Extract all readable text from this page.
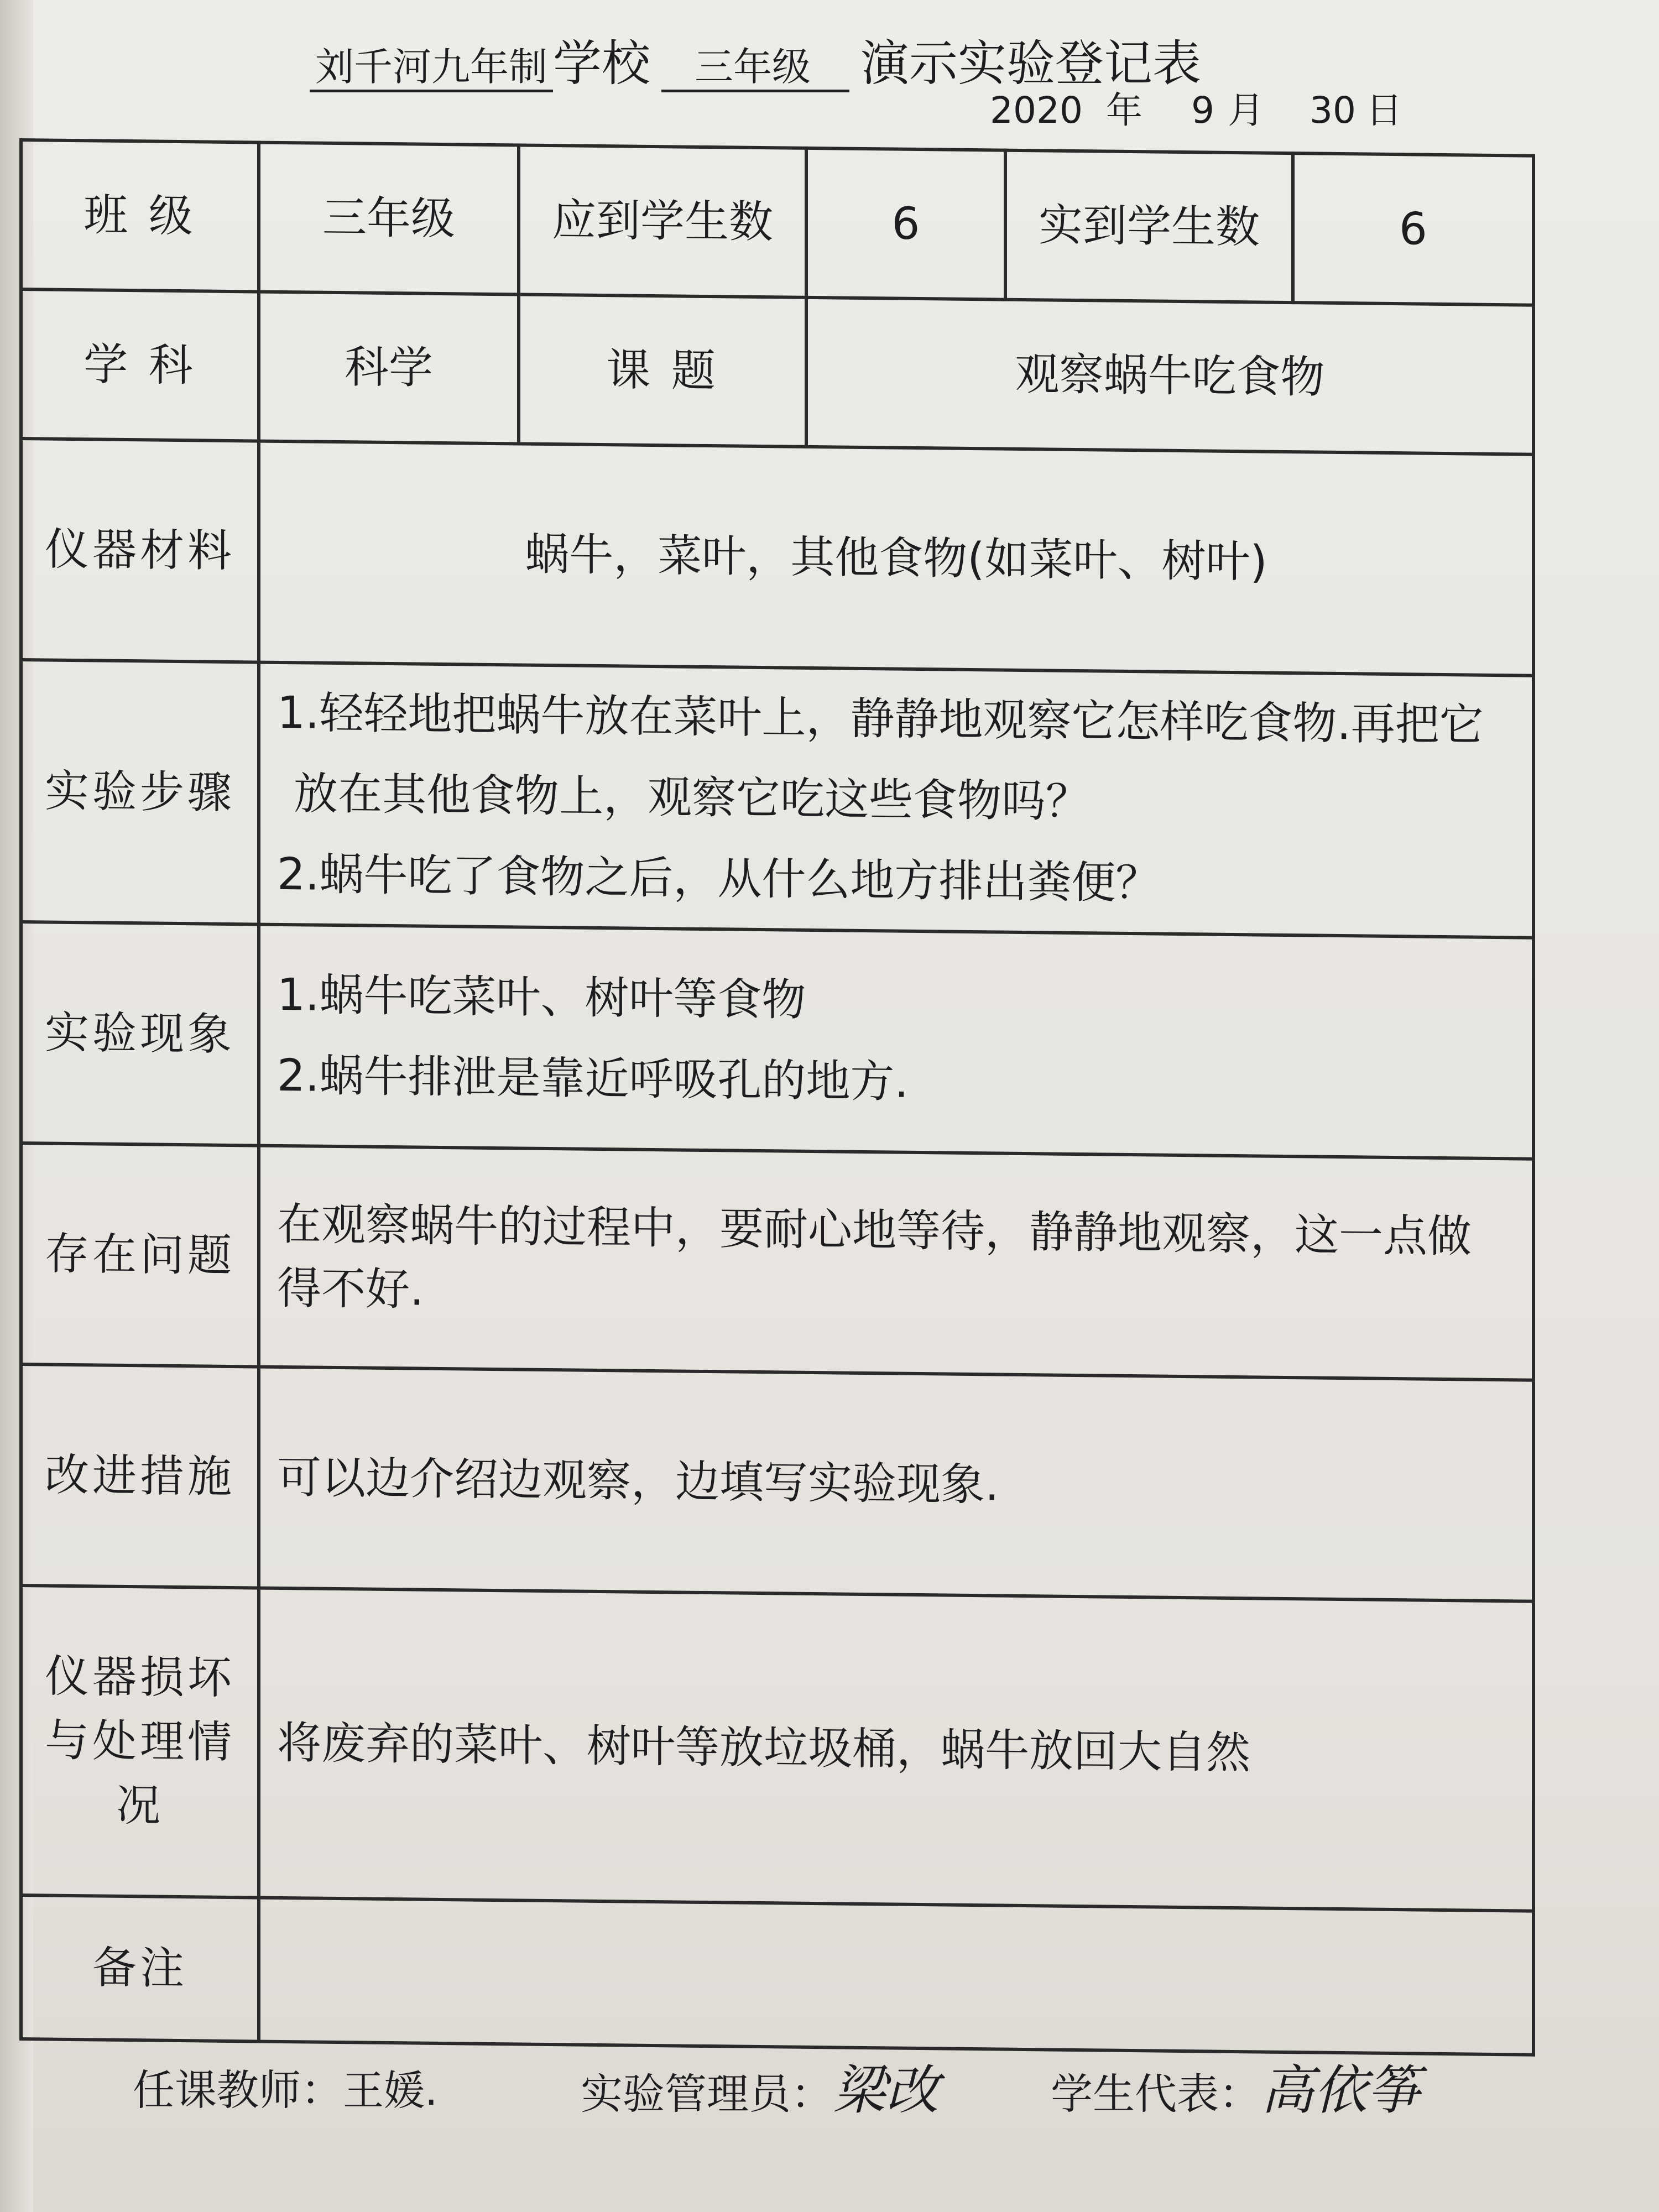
刘千河九年制 学校 三年级 演示实验登记表
2020 年 9 月 30 日
班 级	三年级	应到学生数	6	实到学生数	6
学 科	科学	课 题	观察蜗牛吃食物		
仪器材料	蜗牛，菜叶，其他食物(如菜叶、树叶)				
实验步骤	1.轻轻地把蜗牛放在菜叶上，静静地观察它怎样吃食物.再把它
放在其他食物上，观察它吃这些食物吗？
2.蜗牛吃了食物之后，从什么地方排出粪便？				

实验现象	1.蜗牛吃菜叶、树叶等食物
2.蜗牛排泄是靠近呼吸孔的地方.				

存在问题	在观察蜗牛的过程中，要耐心地等待，静静地观察，这一点做得不好.				
改进措施	可以边介绍边观察，边填写实验现象.				
仪器损坏与处理情况	将废弃的菜叶、树叶等放垃圾桶，蜗牛放回大自然				
备注					
任课教师：王媛.	实验管理员：梁改	学生代表：高依筝
